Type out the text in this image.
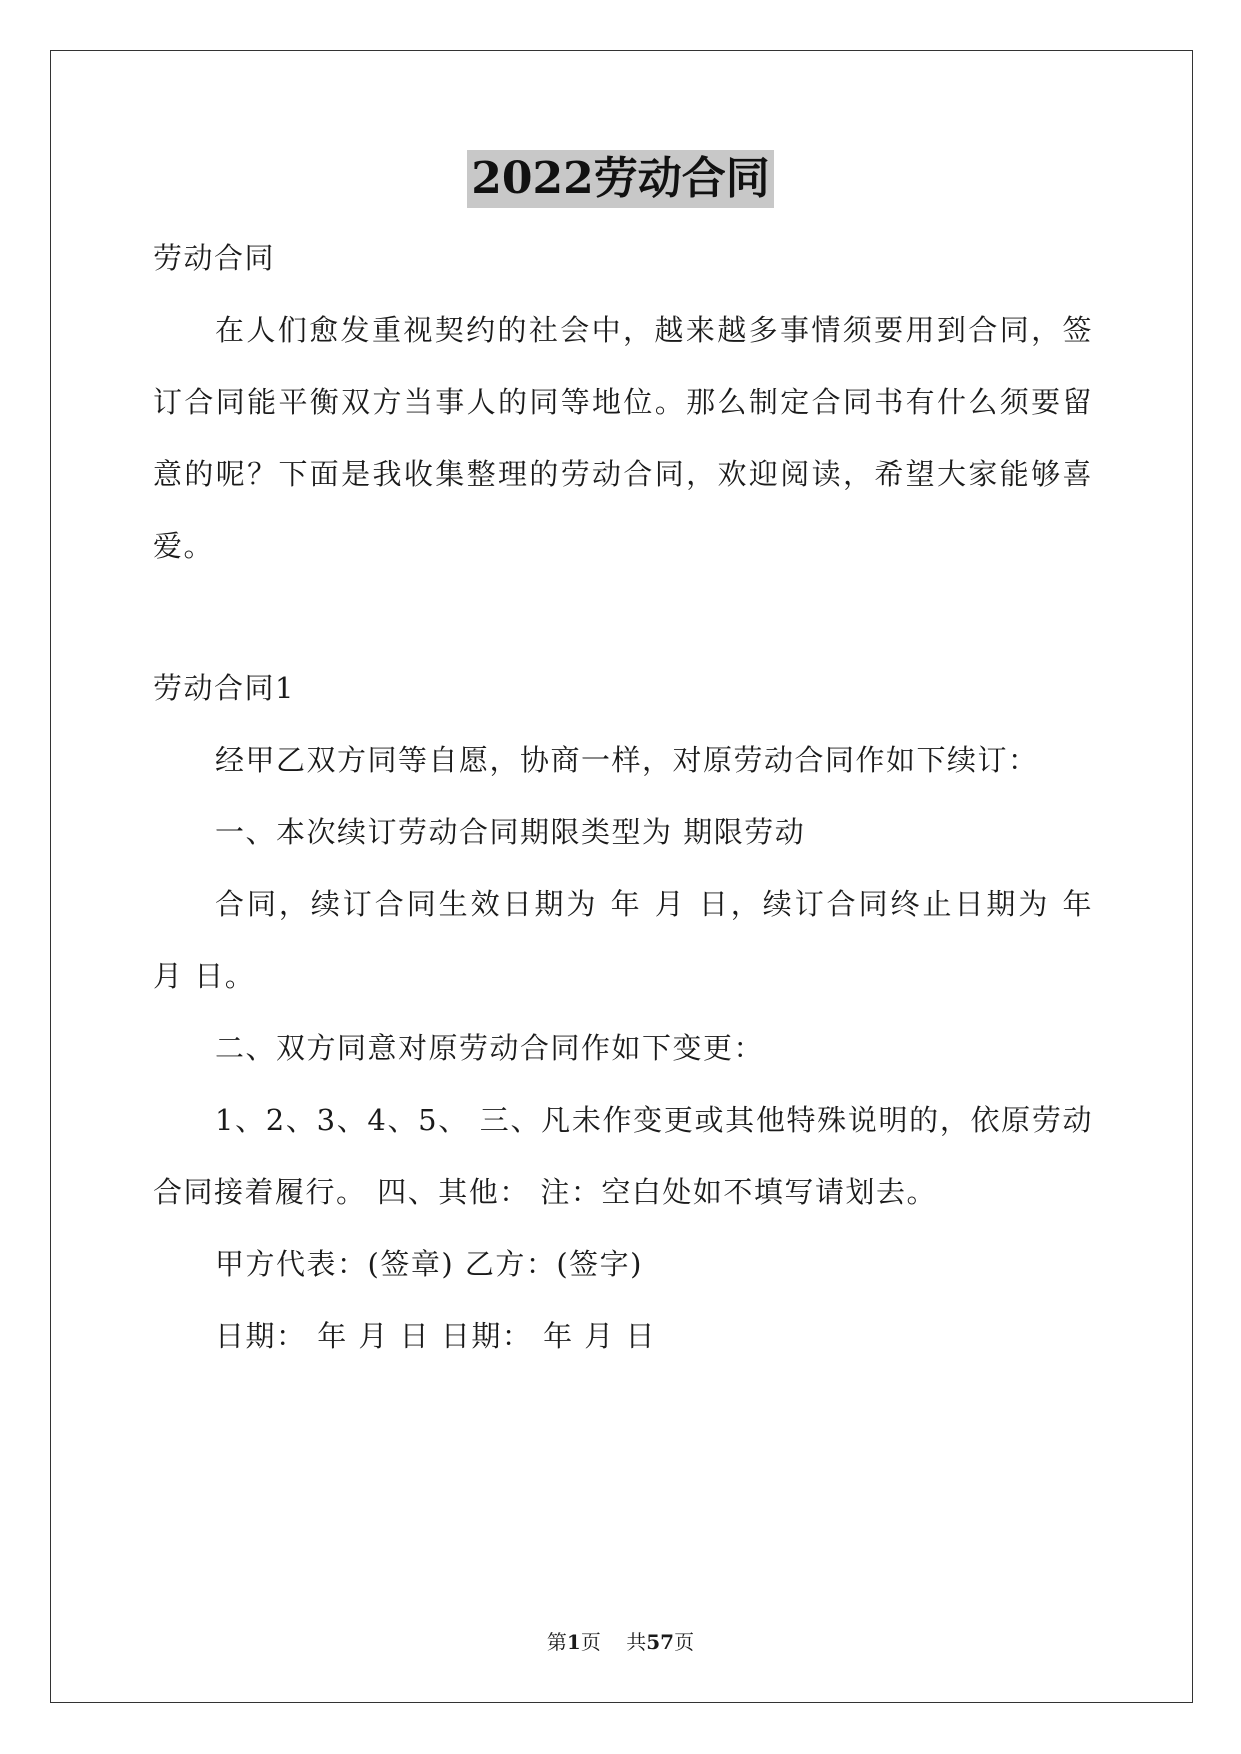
2022劳动合同
劳动合同
在人们愈发重视契约的社会中，越来越多事情须要用到合同，签
订合同能平衡双方当事人的同等地位。那么制定合同书有什么须要留
意的呢？下面是我收集整理的劳动合同，欢迎阅读，希望大家能够喜
爱。
劳动合同1
经甲乙双方同等自愿，协商一样，对原劳动合同作如下续订：
一、本次续订劳动合同期限类型为 期限劳动
合同，续订合同生效日期为 年 月 日，续订合同终止日期为 年
月 日。
二、双方同意对原劳动合同作如下变更：
1、2、3、4、5、 三、凡未作变更或其他特殊说明的，依原劳动
合同接着履行。 四、其他： 注：空白处如不填写请划去。
甲方代表：(签章) 乙方：(签字)
日期： 年 月 日 日期： 年 月 日
第1页 共57页
